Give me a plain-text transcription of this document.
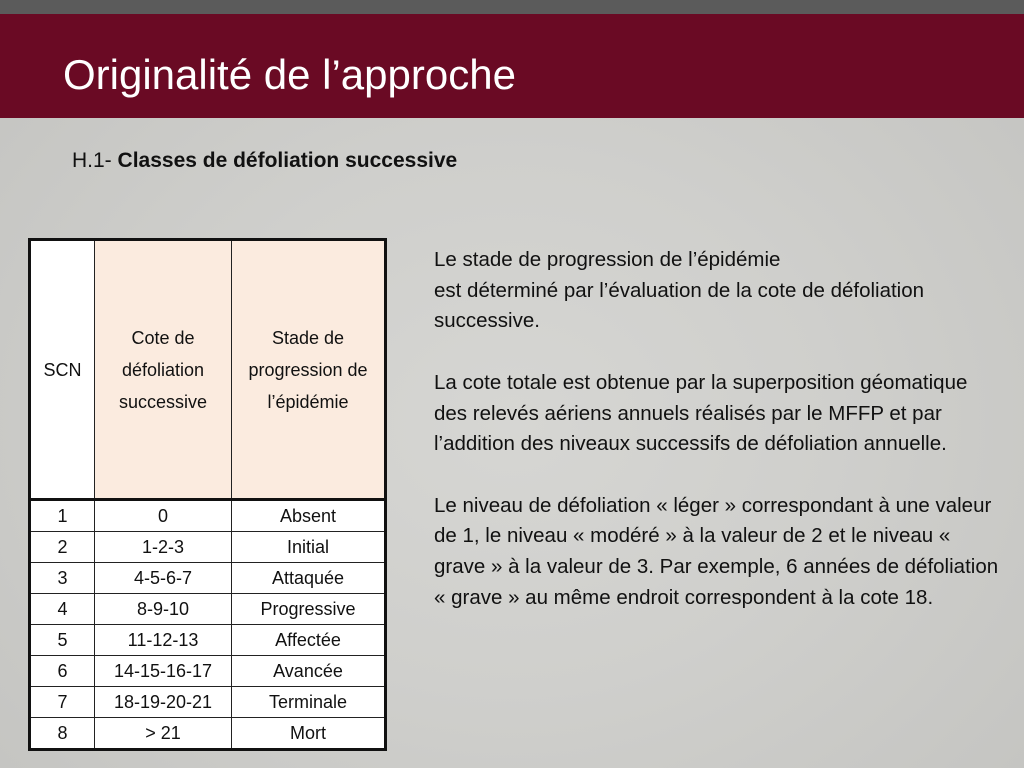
Originalité de l’approche
H.1- Classes de défoliation successive
SCN	Cote de défoliation successive	Stade de progression de l’épidémie
1	0	Absent
2	1-2-3	Initial
3	4-5-6-7	Attaquée
4	8-9-10	Progressive
5	11-12-13	Affectée
6	14-15-16-17	Avancée
7	18-19-20-21	Terminale
8	> 21	Mort

Le stade de progression de l’épidémie
est déterminé par l’évaluation de la cote de défoliation successive.

La cote totale est obtenue par la superposition géomatique des relevés aériens annuels réalisés par le MFFP et par l’addition des niveaux successifs de défoliation annuelle.

Le niveau de défoliation « léger » correspondant à une valeur de 1, le niveau « modéré » à la valeur de 2 et le niveau « grave » à la valeur de 3. Par exemple, 6 années de défoliation « grave » au même endroit correspondent à la cote 18.
